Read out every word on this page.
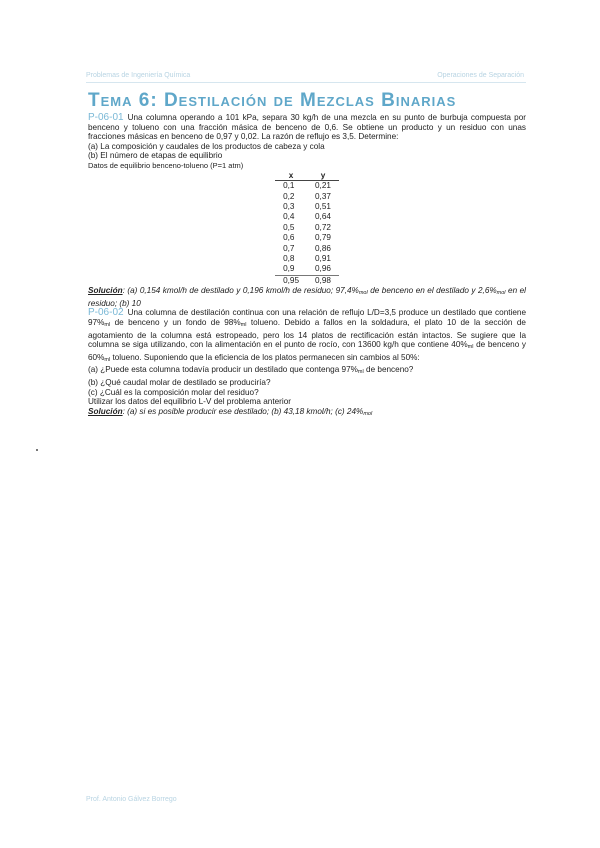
Problemas de Ingeniería Química	Operaciones de Separación
Tema 6: Destilación de Mezclas Binarias

P-06-01 Una columna operando a 101 kPa, separa 30 kg/h de una mezcla en su punto de burbuja compuesta por benceno y tolueno con una fracción másica de benceno de 0,6. Se obtiene un producto y un residuo con unas fracciones másicas en benceno de 0,97 y 0,02. La razón de reflujo es 3,5. Determine:

(a) La composición y caudales de los productos de cabeza y cola

(b) El número de etapas de equilibrio

Datos de equilibrio benceno-tolueno (P=1 atm)

x	y
0,1	0,21
0,2	0,37
0,3	0,51
0,4	0,64
0,5	0,72
0,6	0,79
0,7	0,86
0,8	0,91
0,9	0,96
0,95	0,98

Solución: (a) 0,154 kmol/h de destilado y 0,196 kmol/h de residuo; 97,4%mol de benceno en el destilado y 2,6%mol en el residuo; (b) 10

P-06-02 Una columna de destilación continua con una relación de reflujo L/D=3,5 produce un destilado que contiene 97%ml de benceno y un fondo de 98%ml tolueno. Debido a fallos en la soldadura, el plato 10 de la sección de agotamiento de la columna está estropeado, pero los 14 platos de rectificación están intactos. Se sugiere que la columna se siga utilizando, con la alimentación en el punto de rocío, con 13600 kg/h que contiene 40%ml de benceno y 60%ml tolueno. Suponiendo que la eficiencia de los platos permanecen sin cambios al 50%:

(a) ¿Puede esta columna todavía producir un destilado que contenga 97%ml de benceno?

(b) ¿Qué caudal molar de destilado se produciría?

(c) ¿Cuál es la composición molar del residuo?

Utilizar los datos del equilibrio L-V del problema anterior

Solución: (a) si es posible producir ese destilado; (b) 43,18 kmol/h; (c) 24%mol

Prof. Antonio Gálvez Borrego
